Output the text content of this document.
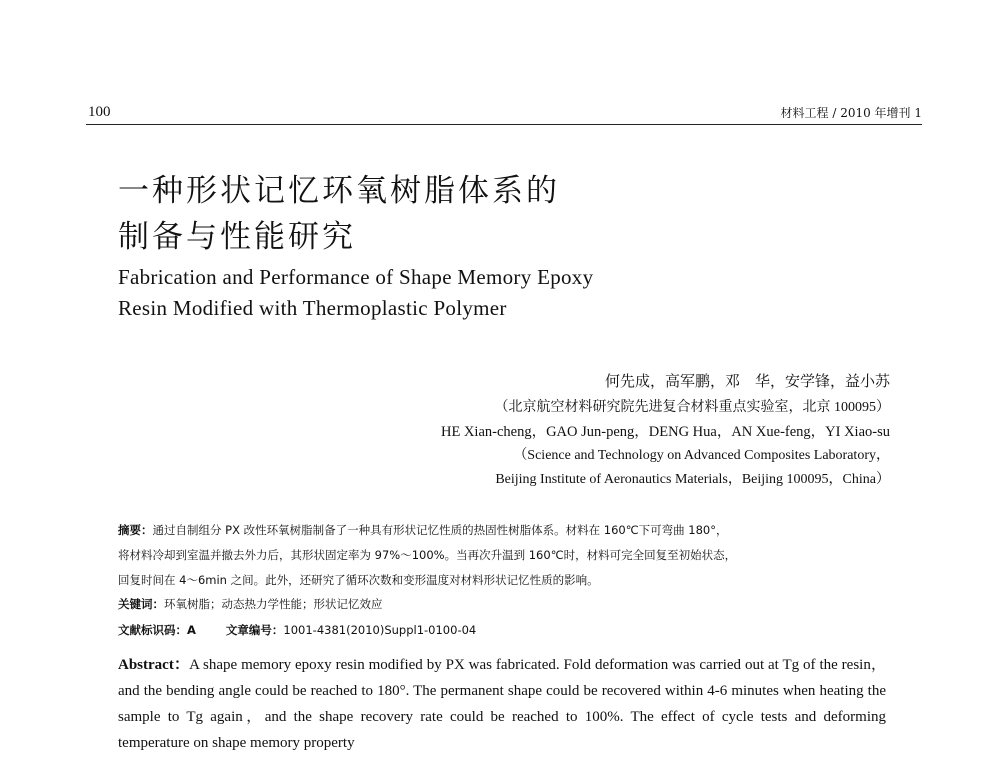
100	材料工程 / 2010 年增刊 1
一种形状记忆环氧树脂体系的
制备与性能研究
Fabrication and Performance of Shape Memory Epoxy
Resin Modified with Thermoplastic Polymer
何先成，高军鹏，邓　华，安学锋，益小苏
（北京航空材料研究院先进复合材料重点实验室，北京 100095）
HE Xian-cheng，GAO Jun-peng，DENG Hua，AN Xue-feng，YI Xiao-su
（Science and Technology on Advanced Composites Laboratory，
Beijing Institute of Aeronautics Materials，Beijing 100095，China）
摘要：通过自制组分 PX 改性环氧树脂制备了一种具有形状记忆性质的热固性树脂体系。材料在 160℃下可弯曲 180°，
将材料冷却到室温并撤去外力后，其形状固定率为 97%～100%。当再次升温到 160℃时，材料可完全回复至初始状态，
回复时间在 4～6min 之间。此外，还研究了循环次数和变形温度对材料形状记忆性质的影响。
关键词：环氧树脂；动态热力学性能；形状记忆效应
文献标识码：A	文章编号：1001-4381(2010)Suppl1-0100-04
Abstract：A shape memory epoxy resin modified by PX was fabricated. Fold deformation was carried out at Tg of the resin，and the bending angle could be reached to 180°. The permanent shape could be recovered within 4-6 minutes when heating the sample to Tg again，and the shape recovery rate could be reached to 100%. The effect of cycle tests and deforming temperature on shape memory property
